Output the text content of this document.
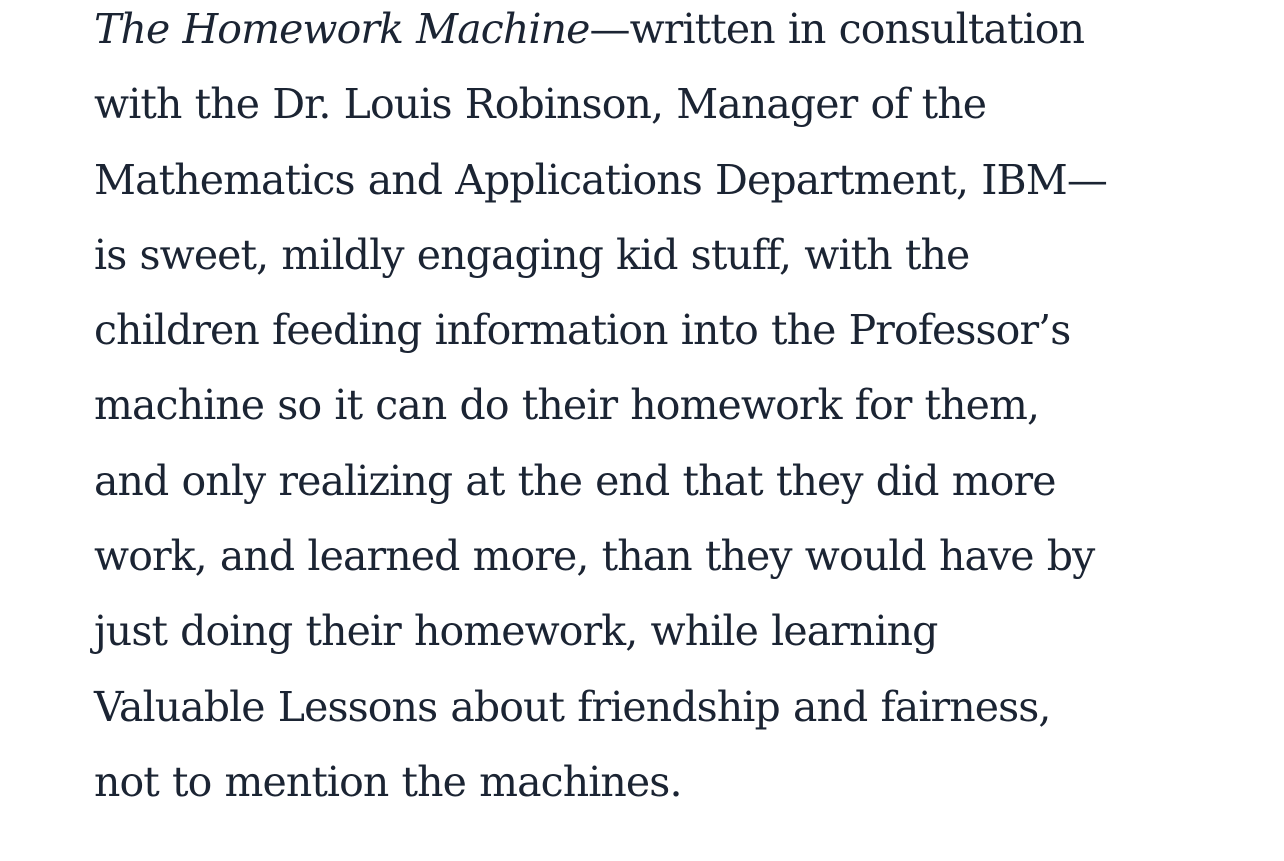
The Homework Machine—written in consultation
with the Dr. Louis Robinson, Manager of the
Mathematics and Applications Department, IBM—
is sweet, mildly engaging kid stuff, with the
children feeding information into the Professor’s
machine so it can do their homework for them,
and only realizing at the end that they did more
work, and learned more, than they would have by
just doing their homework, while learning
Valuable Lessons about friendship and fairness,
not to mention the machines.
